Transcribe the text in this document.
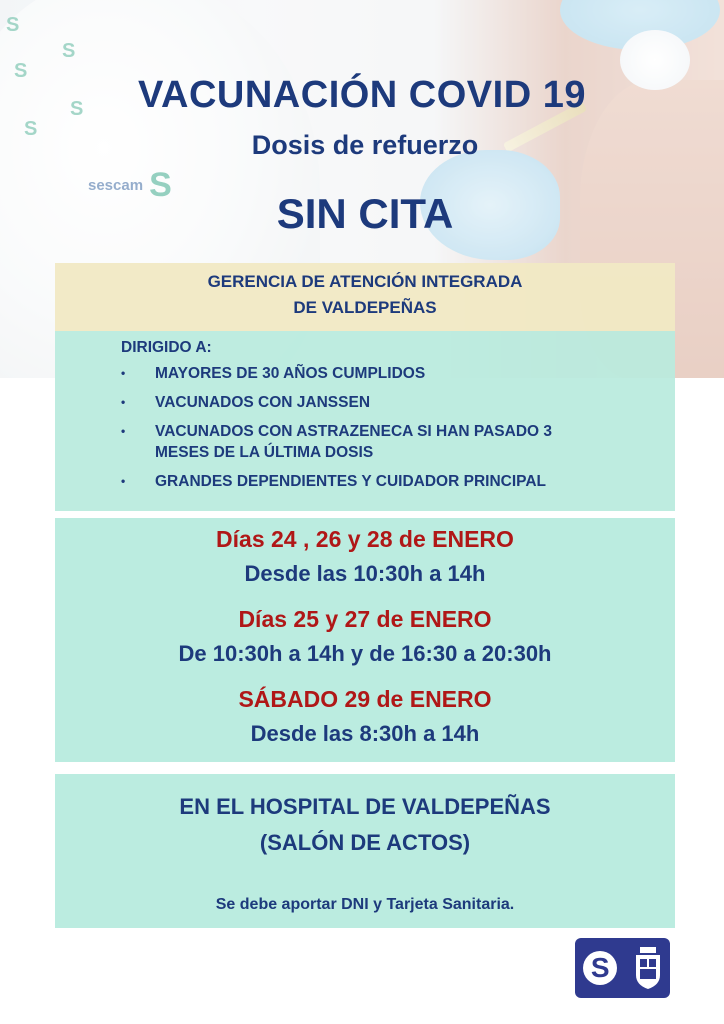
S
S
S
S
S
sescam S
VACUNACIÓN COVID 19
Dosis de refuerzo
SIN CITA
GERENCIA DE ATENCIÓN INTEGRADA
DE VALDEPEÑAS
DIRIGIDO A:
• MAYORES DE 30 AÑOS CUMPLIDOS
• VACUNADOS CON JANSSEN
• VACUNADOS CON ASTRAZENECA SI HAN PASADO 3
MESES DE LA ÚLTIMA DOSIS
• GRANDES DEPENDIENTES Y CUIDADOR PRINCIPAL
Días 24 , 26 y 28 de ENERO
Desde las 10:30h a 14h
Días 25 y 27 de ENERO
De 10:30h a 14h y de 16:30 a 20:30h
SÁBADO 29 de ENERO
Desde las 8:30h a 14h
EN EL HOSPITAL DE VALDEPEÑAS
(SALÓN DE ACTOS)
Se debe aportar DNI y Tarjeta Sanitaria.
S
